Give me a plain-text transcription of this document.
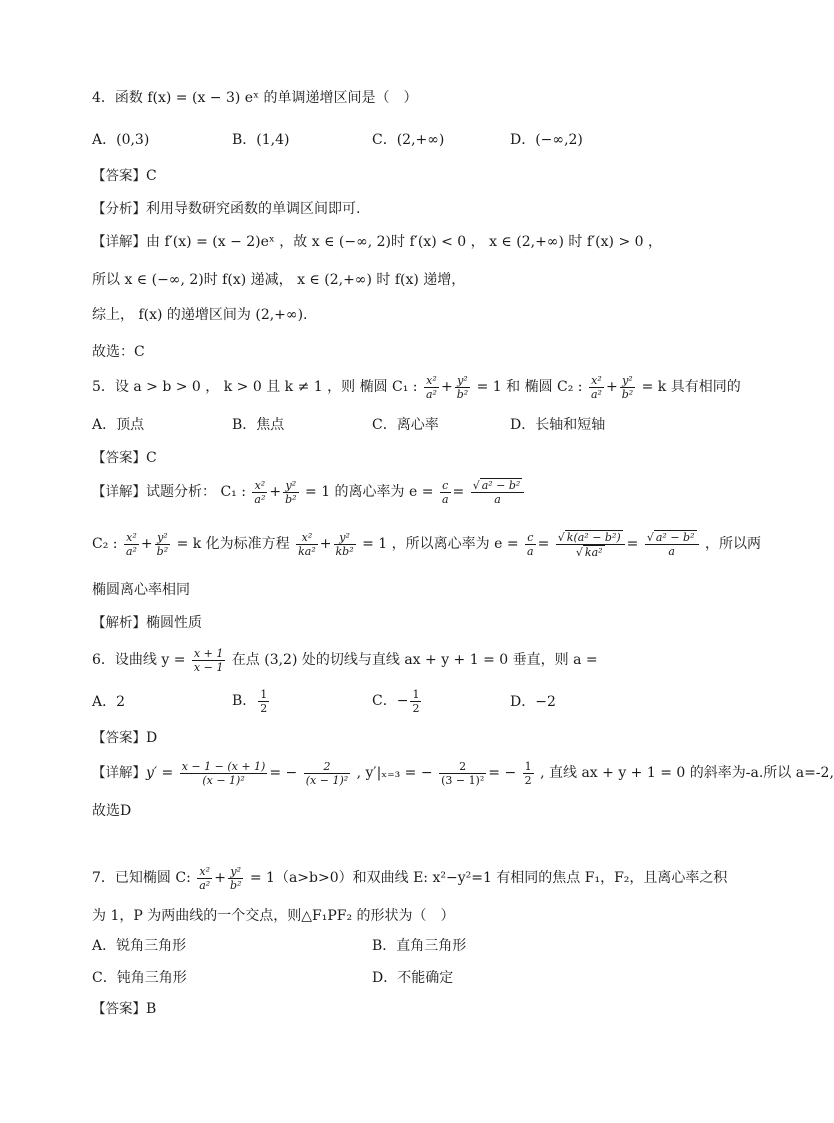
4．函数 f(x) = (x − 3) eˣ 的单调递增区间是（　）
A．(0,3)	B．(1,4)	C．(2,+∞)	D．(−∞,2)
【答案】C
【分析】利用导数研究函数的单调区间即可.
【详解】由 f′(x) = (x − 2)eˣ ，故 x ∈ (−∞, 2)时 f′(x) < 0 ， x ∈ (2,+∞) 时 f′(x) > 0 ，
所以 x ∈ (−∞, 2)时 f(x) 递减， x ∈ (2,+∞) 时 f(x) 递增，
综上， f(x) 的递增区间为 (2,+∞).
故选：C
5．设 a > b > 0 ， k > 0 且 k ≠ 1 ，则 椭圆 C₁ : $\frac{\text{x²}}{\text{a²}} + \frac{\text{y²}}{\text{b²}} = 1$ 和 椭圆 C₂ : $\frac{\text{x²}}{\text{a²}} + \frac{\text{y²}}{\text{b²}} = k$ 具有相同的
A．顶点	B．焦点	C．离心率	D．长轴和短轴
【答案】C
【详解】试题分析： C₁ : $\frac{\text{x²}}{\text{a²}} + \frac{\text{y²}}{\text{b²}} = 1$ 的离心率为 $e = \frac{c}{a} = \frac{\text{√ a² − b²}}{a}$
C₂ : $\frac{\text{x²}}{\text{a²}} + \frac{\text{y²}}{\text{b²}} = k$ 化为标准方程 $\frac{\text{x²}}{\text{ka²}} + \frac{\text{y²}}{\text{kb²}} = 1$ ，所以离心率为 $e = \frac{c}{a} = \frac{\text{√ k(a² − b²)}}{\text{√ ka²}} = \frac{\text{√ a² − b²}}{a}$ ，所以两
椭圆离心率相同
【解析】椭圆性质
6．设曲线 $y = \frac{x + 1}{x - 1}$ 在点 (3,2) 处的切线与直线 ax + y + 1 = 0 垂直，则 a =
A．2	B． $\frac{1}{2}$	C．− $\frac{1}{2}$	D．−2
【答案】D
【详解】$y' = \frac{x - 1 - (x + 1)}{\text{(x − 1)²}}$ = − $\frac{2}{\text{(x − 1)²}}$ , y′|ₓ₌₃ = − $\frac{2}{\text{(3 − 1)²}}$ = − $\frac{1}{2}$ , 直线 ax + y + 1 = 0 的斜率为-a.所以 a=-2,
故选D
7．已知椭圆 C: $\frac{\text{x²}}{\text{a²}} + \frac{\text{y²}}{\text{b²}} = 1(a>b>0)$和双曲线 E: x²−y²=1 有相同的焦点 F₁，F₂，且离心率之积
为 1，P 为两曲线的一个交点，则△F₁PF₂ 的形状为（　）
A．锐角三角形	B．直角三角形
C．钝角三角形	D．不能确定
【答案】B
